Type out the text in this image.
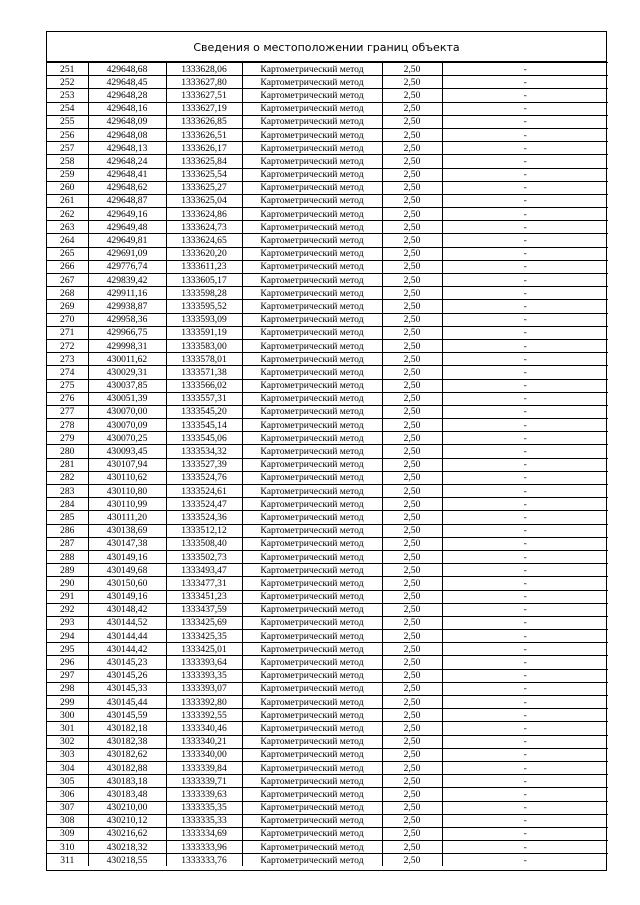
Сведения о местоположении границ объекта
251	429648,68	1333628,06	Картометрический метод	2,50	-
252	429648,45	1333627,80	Картометрический метод	2,50	-
253	429648,28	1333627,51	Картометрический метод	2,50	-
254	429648,16	1333627,19	Картометрический метод	2,50	-
255	429648,09	1333626,85	Картометрический метод	2,50	-
256	429648,08	1333626,51	Картометрический метод	2,50	-
257	429648,13	1333626,17	Картометрический метод	2,50	-
258	429648,24	1333625,84	Картометрический метод	2,50	-
259	429648,41	1333625,54	Картометрический метод	2,50	-
260	429648,62	1333625,27	Картометрический метод	2,50	-
261	429648,87	1333625,04	Картометрический метод	2,50	-
262	429649,16	1333624,86	Картометрический метод	2,50	-
263	429649,48	1333624,73	Картометрический метод	2,50	-
264	429649,81	1333624,65	Картометрический метод	2,50	-
265	429691,09	1333620,20	Картометрический метод	2,50	-
266	429776,74	1333611,23	Картометрический метод	2,50	-
267	429839,42	1333605,17	Картометрический метод	2,50	-
268	429911,16	1333598,28	Картометрический метод	2,50	-
269	429938,87	1333595,52	Картометрический метод	2,50	-
270	429958,36	1333593,09	Картометрический метод	2,50	-
271	429966,75	1333591,19	Картометрический метод	2,50	-
272	429998,31	1333583,00	Картометрический метод	2,50	-
273	430011,62	1333578,01	Картометрический метод	2,50	-
274	430029,31	1333571,38	Картометрический метод	2,50	-
275	430037,85	1333566,02	Картометрический метод	2,50	-
276	430051,39	1333557,31	Картометрический метод	2,50	-
277	430070,00	1333545,20	Картометрический метод	2,50	-
278	430070,09	1333545,14	Картометрический метод	2,50	-
279	430070,25	1333545,06	Картометрический метод	2,50	-
280	430093,45	1333534,32	Картометрический метод	2,50	-
281	430107,94	1333527,39	Картометрический метод	2,50	-
282	430110,62	1333524,76	Картометрический метод	2,50	-
283	430110,80	1333524,61	Картометрический метод	2,50	-
284	430110,99	1333524,47	Картометрический метод	2,50	-
285	430111,20	1333524,36	Картометрический метод	2,50	-
286	430138,69	1333512,12	Картометрический метод	2,50	-
287	430147,38	1333508,40	Картометрический метод	2,50	-
288	430149,16	1333502,73	Картометрический метод	2,50	-
289	430149,68	1333493,47	Картометрический метод	2,50	-
290	430150,60	1333477,31	Картометрический метод	2,50	-
291	430149,16	1333451,23	Картометрический метод	2,50	-
292	430148,42	1333437,59	Картометрический метод	2,50	-
293	430144,52	1333425,69	Картометрический метод	2,50	-
294	430144,44	1333425,35	Картометрический метод	2,50	-
295	430144,42	1333425,01	Картометрический метод	2,50	-
296	430145,23	1333393,64	Картометрический метод	2,50	-
297	430145,26	1333393,35	Картометрический метод	2,50	-
298	430145,33	1333393,07	Картометрический метод	2,50	-
299	430145,44	1333392,80	Картометрический метод	2,50	-
300	430145,59	1333392,55	Картометрический метод	2,50	-
301	430182,18	1333340,46	Картометрический метод	2,50	-
302	430182,38	1333340,21	Картометрический метод	2,50	-
303	430182,62	1333340,00	Картометрический метод	2,50	-
304	430182,88	1333339,84	Картометрический метод	2,50	-
305	430183,18	1333339,71	Картометрический метод	2,50	-
306	430183,48	1333339,63	Картометрический метод	2,50	-
307	430210,00	1333335,35	Картометрический метод	2,50	-
308	430210,12	1333335,33	Картометрический метод	2,50	-
309	430216,62	1333334,69	Картометрический метод	2,50	-
310	430218,32	1333333,96	Картометрический метод	2,50	-
311	430218,55	1333333,76	Картометрический метод	2,50	-
